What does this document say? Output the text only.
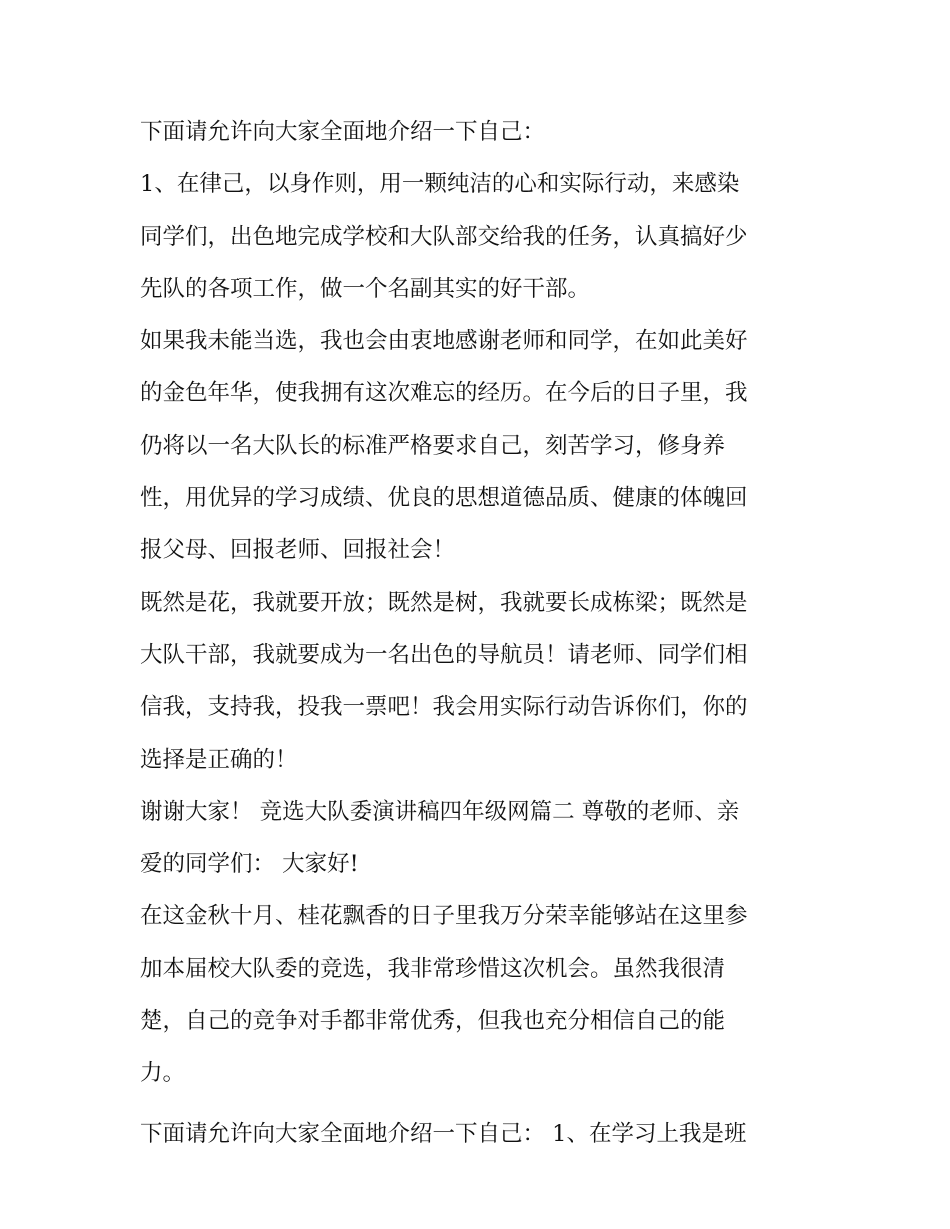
下面请允许向大家全面地介绍一下自己：
1、在律己，以身作则，用一颗纯洁的心和实际行动，来感染
同学们，出色地完成学校和大队部交给我的任务，认真搞好少
先队的各项工作，做一个名副其实的好干部。
如果我未能当选，我也会由衷地感谢老师和同学，在如此美好
的金色年华，使我拥有这次难忘的经历。在今后的日子里，我
仍将以一名大队长的标准严格要求自己，刻苦学习，修身养
性，用优异的学习成绩、优良的思想道德品质、健康的体魄回
报父母、回报老师、回报社会！
既然是花，我就要开放；既然是树，我就要长成栋梁；既然是
大队干部，我就要成为一名出色的导航员！请老师、同学们相
信我，支持我，投我一票吧！我会用实际行动告诉你们，你的
选择是正确的！
谢谢大家！ 竞选大队委演讲稿四年级网篇二 尊敬的老师、亲
爱的同学们： 大家好!
在这金秋十月、桂花飘香的日子里我万分荣幸能够站在这里参
加本届校大队委的竞选，我非常珍惜这次机会。虽然我很清
楚，自己的竞争对手都非常优秀，但我也充分相信自己的能
力。
下面请允许向大家全面地介绍一下自己： 1、在学习上我是班
